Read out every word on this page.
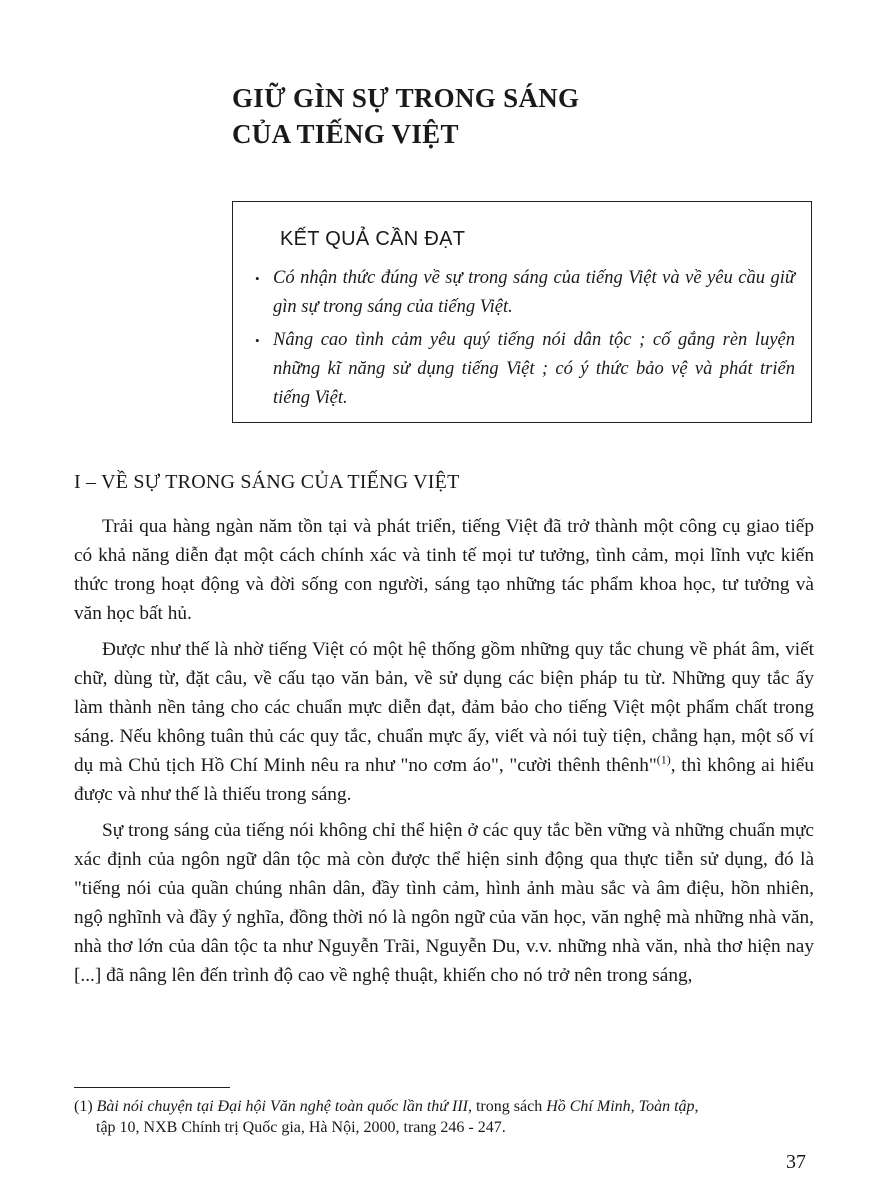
GIỮ GÌN SỰ TRONG SÁNG
CỦA TIẾNG VIỆT
KẾT QUẢ CẦN ĐẠT
• Có nhận thức đúng về sự trong sáng của tiếng Việt và về yêu cầu giữ gìn sự trong sáng của tiếng Việt.
• Nâng cao tình cảm yêu quý tiếng nói dân tộc ; cố gắng rèn luyện những kĩ năng sử dụng tiếng Việt ; có ý thức bảo vệ và phát triển tiếng Việt.
I – VỀ SỰ TRONG SÁNG CỦA TIẾNG VIỆT

Trải qua hàng ngàn năm tồn tại và phát triển, tiếng Việt đã trở thành một công cụ giao tiếp có khả năng diễn đạt một cách chính xác và tinh tế mọi tư tưởng, tình cảm, mọi lĩnh vực kiến thức trong hoạt động và đời sống con người, sáng tạo những tác phẩm khoa học, tư tưởng và văn học bất hủ.

Được như thế là nhờ tiếng Việt có một hệ thống gồm những quy tắc chung về phát âm, viết chữ, dùng từ, đặt câu, về cấu tạo văn bản, về sử dụng các biện pháp tu từ. Những quy tắc ấy làm thành nền tảng cho các chuẩn mực diễn đạt, đảm bảo cho tiếng Việt một phẩm chất trong sáng. Nếu không tuân thủ các quy tắc, chuẩn mực ấy, viết và nói tuỳ tiện, chẳng hạn, một số ví dụ mà Chủ tịch Hồ Chí Minh nêu ra như "no cơm áo", "cười thênh thênh"$^{(1)}$, thì không ai hiểu được và như thế là thiếu trong sáng.

Sự trong sáng của tiếng nói không chỉ thể hiện ở các quy tắc bền vững và những chuẩn mực xác định của ngôn ngữ dân tộc mà còn được thể hiện sinh động qua thực tiễn sử dụng, đó là "tiếng nói của quần chúng nhân dân, đầy tình cảm, hình ảnh màu sắc và âm điệu, hồn nhiên, ngộ nghĩnh và đầy ý nghĩa, đồng thời nó là ngôn ngữ của văn học, văn nghệ mà những nhà văn, nhà thơ lớn của dân tộc ta như Nguyễn Trãi, Nguyễn Du, v.v. những nhà văn, nhà thơ hiện nay [...] đã nâng lên đến trình độ cao về nghệ thuật, khiến cho nó trở nên trong sáng,

(1) Bài nói chuyện tại Đại hội Văn nghệ toàn quốc lần thứ III, trong sách Hồ Chí Minh, Toàn tập,
tập 10, NXB Chính trị Quốc gia, Hà Nội, 2000, trang 246 - 247.
37
